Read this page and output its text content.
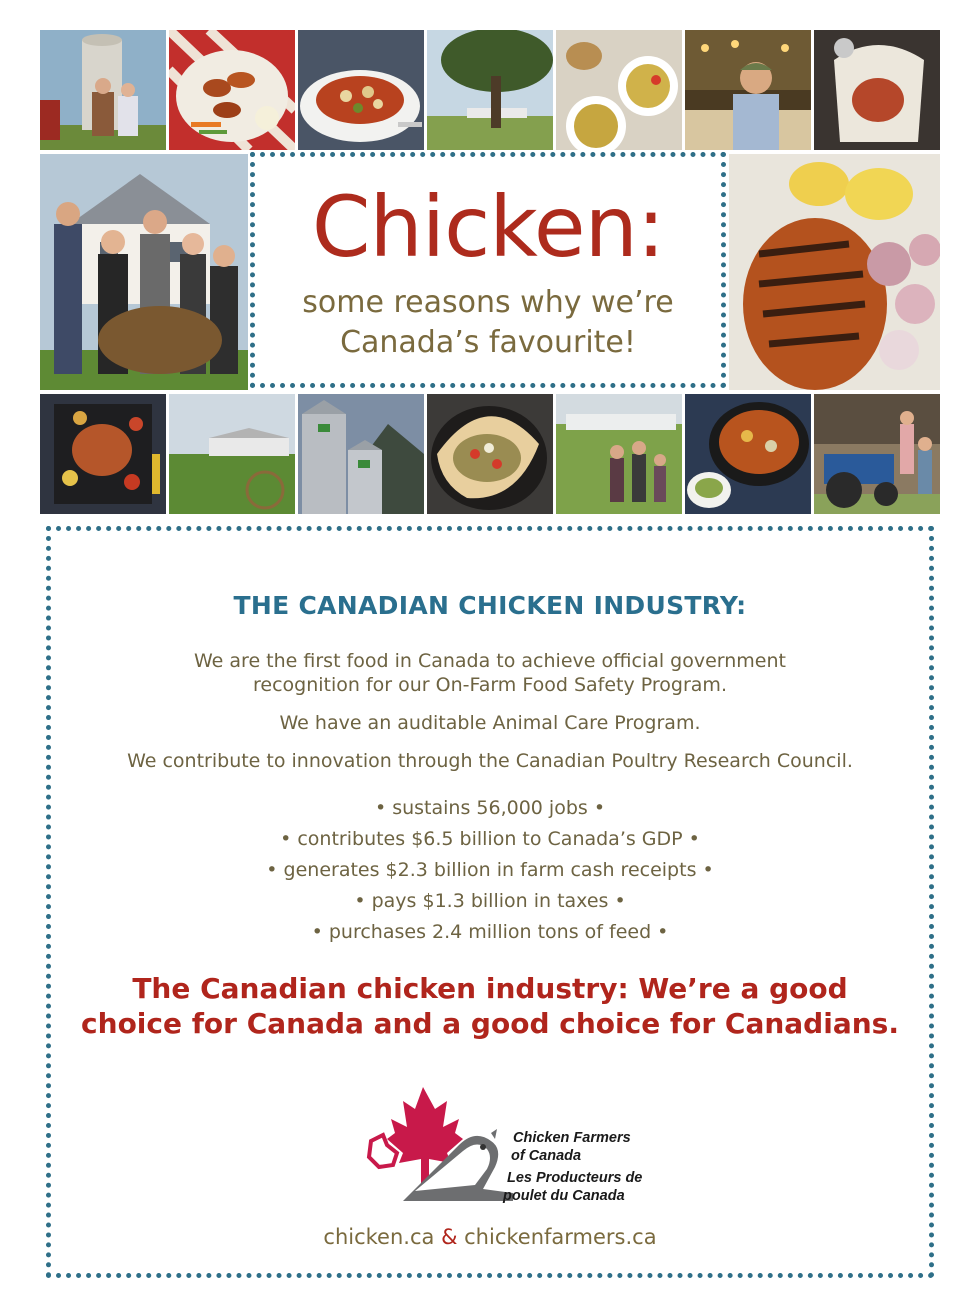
Chicken:
some reasons why we’re
Canada’s favourite!
THE CANADIAN CHICKEN INDUSTRY:
We are the first food in Canada to achieve official government
recognition for our On-Farm Food Safety Program.
We have an auditable Animal Care Program.
We contribute to innovation through the Canadian Poultry Research Council.
• sustains 56,000 jobs •
• contributes $6.5 billion to Canada’s GDP •
• generates $2.3 billion in farm cash receipts •
• pays $1.3 billion in taxes •
• purchases 2.4 million tons of feed •
The Canadian chicken industry: We’re a good
choice for Canada and a good choice for Canadians.
Chicken Farmers
of Canada
Les Producteurs de
poulet du Canada
chicken.ca & chickenfarmers.ca
